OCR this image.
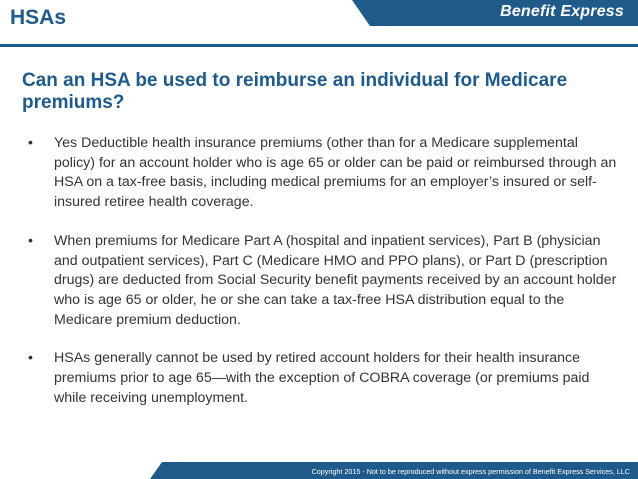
HSAs	Benefit Express
Can an HSA be used to reimburse an individual for Medicare premiums?
• Yes Deductible health insurance premiums (other than for a Medicare supplemental policy) for an account holder who is age 65 or older can be paid or reimbursed through an HSA on a tax-free basis, including medical premiums for an employer’s insured or self-insured retiree health coverage.
• When premiums for Medicare Part A (hospital and inpatient services), Part B (physician and outpatient services), Part C (Medicare HMO and PPO plans), or Part D (prescription drugs) are deducted from Social Security benefit payments received by an account holder who is age 65 or older, he or she can take a tax-free HSA distribution equal to the Medicare premium deduction.
• HSAs generally cannot be used by retired account holders for their health insurance premiums prior to age 65—with the exception of COBRA coverage (or premiums paid while receiving unemployment.
Copyright 2015 - Not to be reproduced without express permission of Benefit Express Services, LLC
